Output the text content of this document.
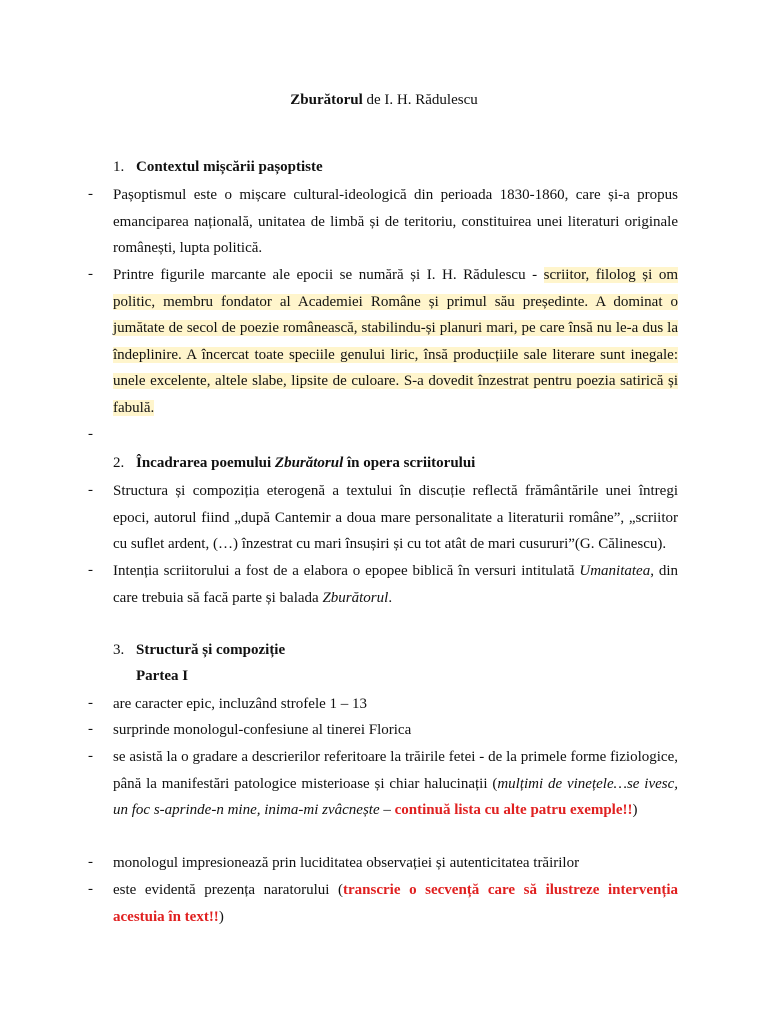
Zburătorul de I. H. Rădulescu
1. Contextul mișcării pașoptiste
- Pașoptismul este o mișcare cultural-ideologică din perioada 1830-1860, care și-a propus emanciparea națională, unitatea de limbă și de teritoriu, constituirea unei literaturi originale românești, lupta politică.
- Printre figurile marcante ale epocii se numără și I. H. Rădulescu - scriitor, filolog și om politic, membru fondator al Academiei Române și primul său președinte. A dominat o jumătate de secol de poezie românească, stabilindu-și planuri mari, pe care însă nu le-a dus la îndeplinire. A încercat toate speciile genului liric, însă producțiile sale literare sunt inegale: unele excelente, altele slabe, lipsite de culoare. S-a dovedit înzestrat pentru poezia satirică și fabulă.
-
2. Încadrarea poemului Zburătorul în opera scriitorului
- Structura și compoziția eterogenă a textului în discuție reflectă frământările unei întregi epoci, autorul fiind „după Cantemir a doua mare personalitate a literaturii române”, „scriitor cu suflet ardent, (…) înzestrat cu mari însușiri și cu tot atât de mari cusururi”(G. Călinescu).
- Intenția scriitorului a fost de a elabora o epopee biblică în versuri intitulată Umanitatea, din care trebuia să facă parte și balada Zburătorul.
3. Structură și compoziție
Partea I
- are caracter epic, incluzând strofele 1 – 13
- surprinde monologul-confesiune al tinerei Florica
- se asistă la o gradare a descrierilor referitoare la trăirile fetei - de la primele forme fiziologice, până la manifestări patologice misterioase și chiar halucinații (mulțimi de vinețele…se ivesc, un foc s-aprinde-n mine, inima-mi zvâcnește – continuă lista cu alte patru exemple!!)
- monologul impresionează prin luciditatea observației și autenticitatea trăirilor
- este evidentă prezența naratorului (transcrie o secvență care să ilustreze intervenția acestuia în text!!)
